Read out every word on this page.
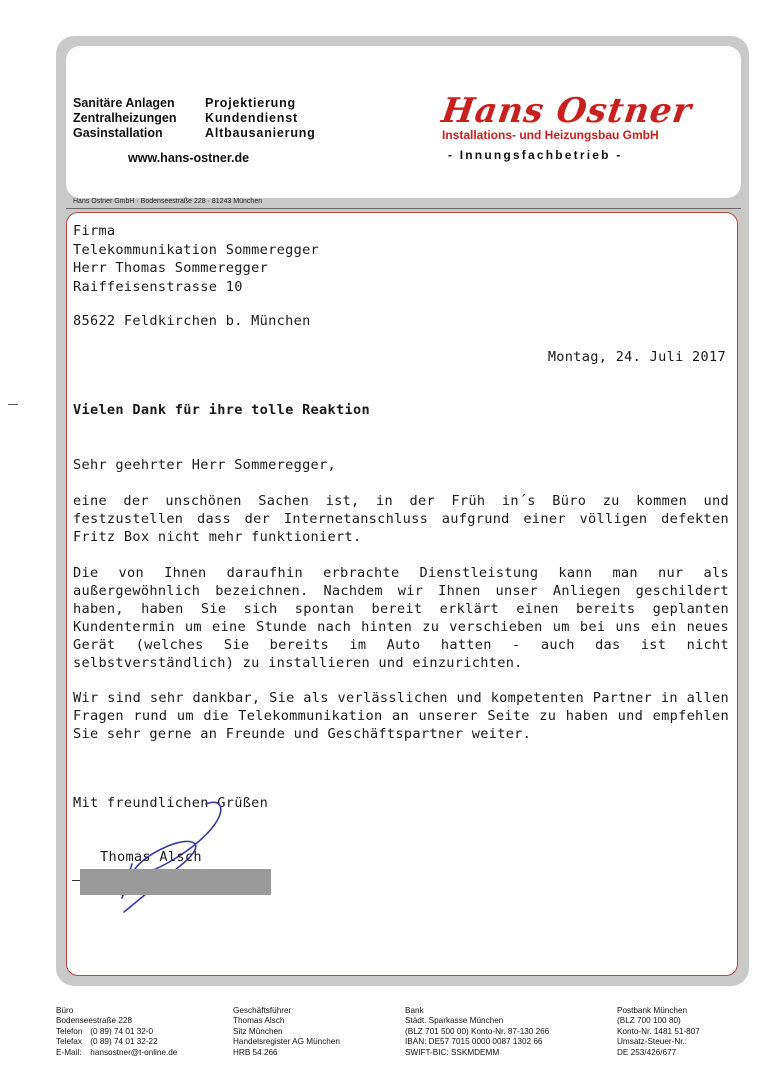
Sanitäre Anlagen
Zentralheizungen
Gasinstallation
Projektierung
Kundendienst
Altbausanierung
www.hans-ostner.de
Hans Ostner
Installations- und Heizungsbau GmbH
- Innungsfachbetrieb -
Hans Ostner GmbH · Bodenseestraße 228 · 81243 München
Firma
Telekommunikation Sommeregger
Herr Thomas Sommeregger
Raiffeisenstrasse 10
85622 Feldkirchen b. München
Montag, 24. Juli 2017
Vielen Dank für ihre tolle Reaktion
Sehr geehrter Herr Sommeregger,
eine der unschönen Sachen ist, in der Früh in´s Büro zu kommen und festzustellen dass der Internetanschluss aufgrund einer völligen defekten Fritz Box nicht mehr funktioniert.
Die von Ihnen daraufhin erbrachte Dienstleistung kann man nur als außergewöhnlich bezeichnen. Nachdem wir Ihnen unser Anliegen geschildert haben, haben Sie sich spontan bereit erklärt einen bereits geplanten Kundentermin um eine Stunde nach hinten zu verschieben um bei uns ein neues Gerät (welches Sie bereits im Auto hatten - auch das ist nicht selbstverständlich) zu installieren und einzurichten.
Wir sind sehr dankbar, Sie als verlässlichen und kompetenten Partner in allen Fragen rund um die Telekommunikation an unserer Seite zu haben und empfehlen Sie sehr gerne an Freunde und Geschäftspartner weiter.
Mit freundlichen Grüßen
Thomas Alsch
Büro
Bodenseestraße 228
Telefon (0 89) 74 01 32-0
Telefax (0 89) 74 01 32-22
E-Mail: hansostner@t-online.de
Geschäftsführer
Thomas Alsch
Sitz München
Handelsregister AG München
HRB 54 266
Bank
Städt. Sparkasse München
(BLZ 701 500 00) Konto-Nr. 87-130 266
IBAN: DE57 7015 0000 0087 1302 66
SWIFT-BIC: SSKMDEMM
Postbank München
(BLZ 700 100 80)
Konto-Nr. 1481 51-807
Umsatz-Steuer-Nr.:
DE 253/426/677
